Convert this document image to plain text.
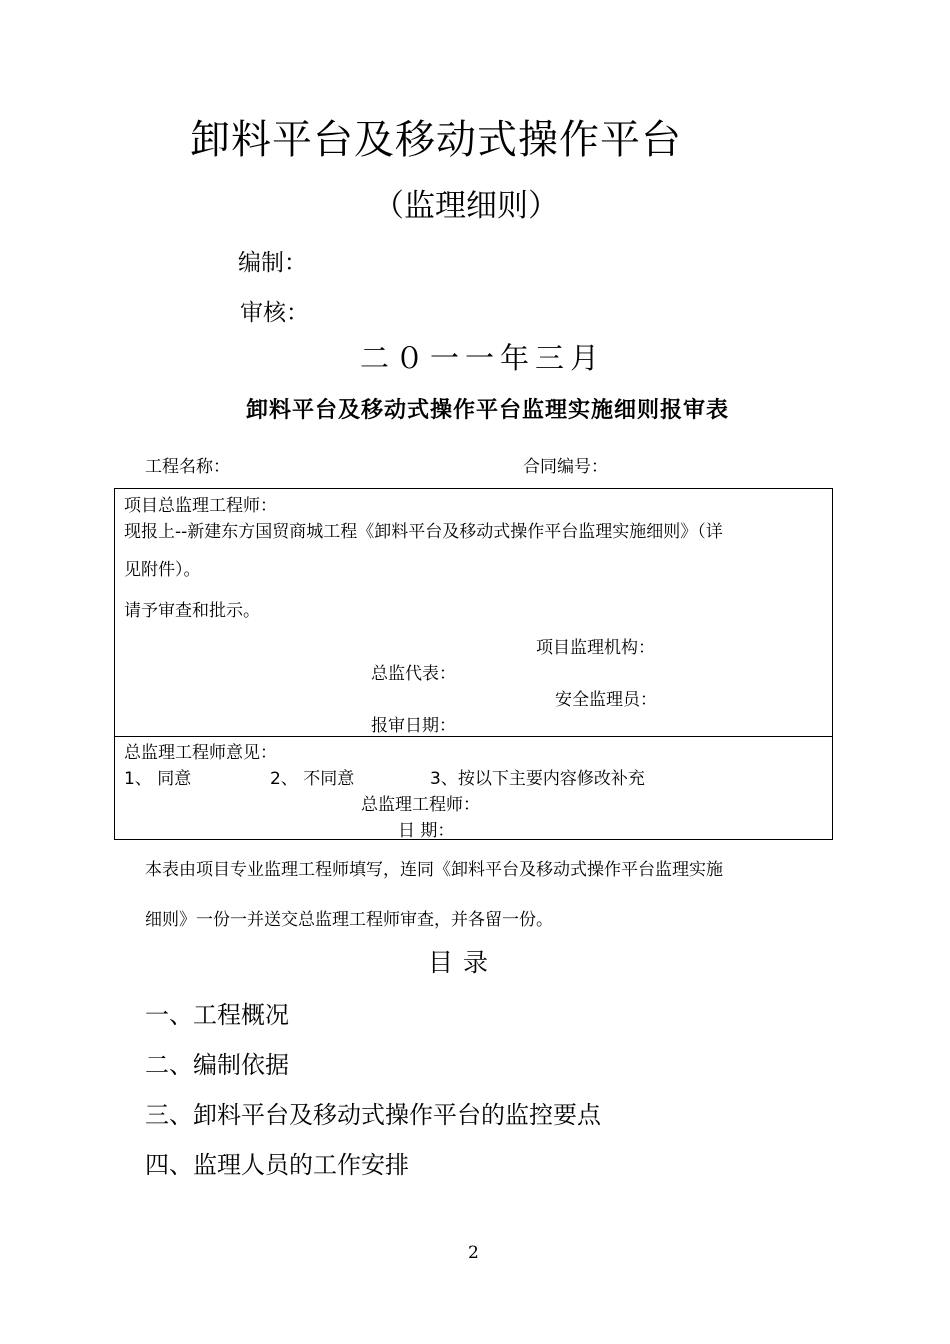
卸料平台及移动式操作平台
（监理细则）
编制：
审核：
二０一一年三月
卸料平台及移动式操作平台监理实施细则报审表
工程名称：	合同编号：
项目总监理工程师：
现报上--新建东方国贸商城工程《卸料平台及移动式操作平台监理实施细则》（详
见附件）。
请予审查和批示。
项目监理机构：
总监代表：
安全监理员：
报审日期：
总监理工程师意见：
1、 同意	2、 不同意	3、按以下主要内容修改补充
总监理工程师：
日 期：
本表由项目专业监理工程师填写，连同《卸料平台及移动式操作平台监理实施
细则》一份一并送交总监理工程师审查，并各留一份。
目录
一、工程概况
二、编制依据
三、卸料平台及移动式操作平台的监控要点
四、监理人员的工作安排
2
